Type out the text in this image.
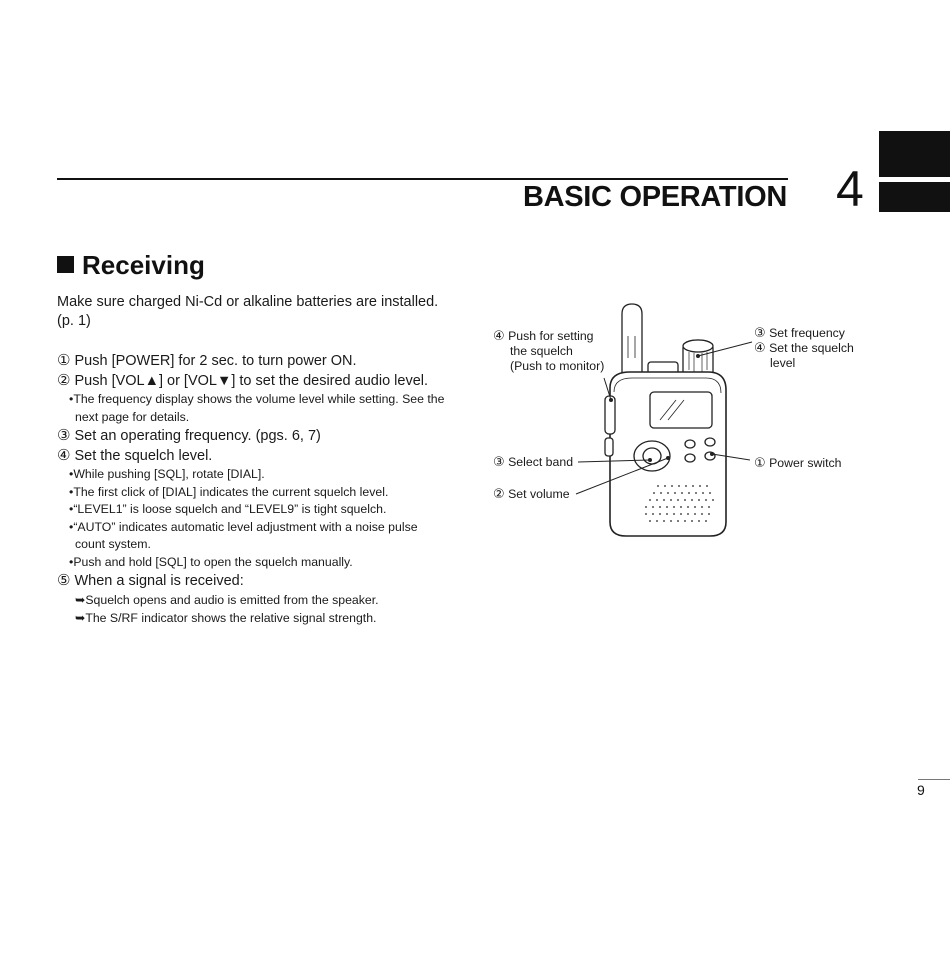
BASIC OPERATION 4
Receiving
Make sure charged Ni-Cd or alkaline batteries are installed. (p. 1)
① Push [POWER] for 2 sec. to turn power ON.
② Push [VOL▲] or [VOL▼] to set the desired audio level.
•The frequency display shows the volume level while setting. See the next page for details.
③ Set an operating frequency. (pgs. 6, 7)
④ Set the squelch level.
•While pushing [SQL], rotate [DIAL].
•The first click of [DIAL] indicates the current squelch level.
•“LEVEL1” is loose squelch and “LEVEL9” is tight squelch.
•“AUTO” indicates automatic level adjustment with a noise pulse count system.
•Push and hold [SQL] to open the squelch manually.
⑤ When a signal is received:
➥Squelch opens and audio is emitted from the speaker.
➥The S/RF indicator shows the relative signal strength.
④ Push for setting
the squelch
(Push to monitor)
③ Set frequency
④ Set the squelch
level
③ Select band
② Set volume
① Power switch
9
